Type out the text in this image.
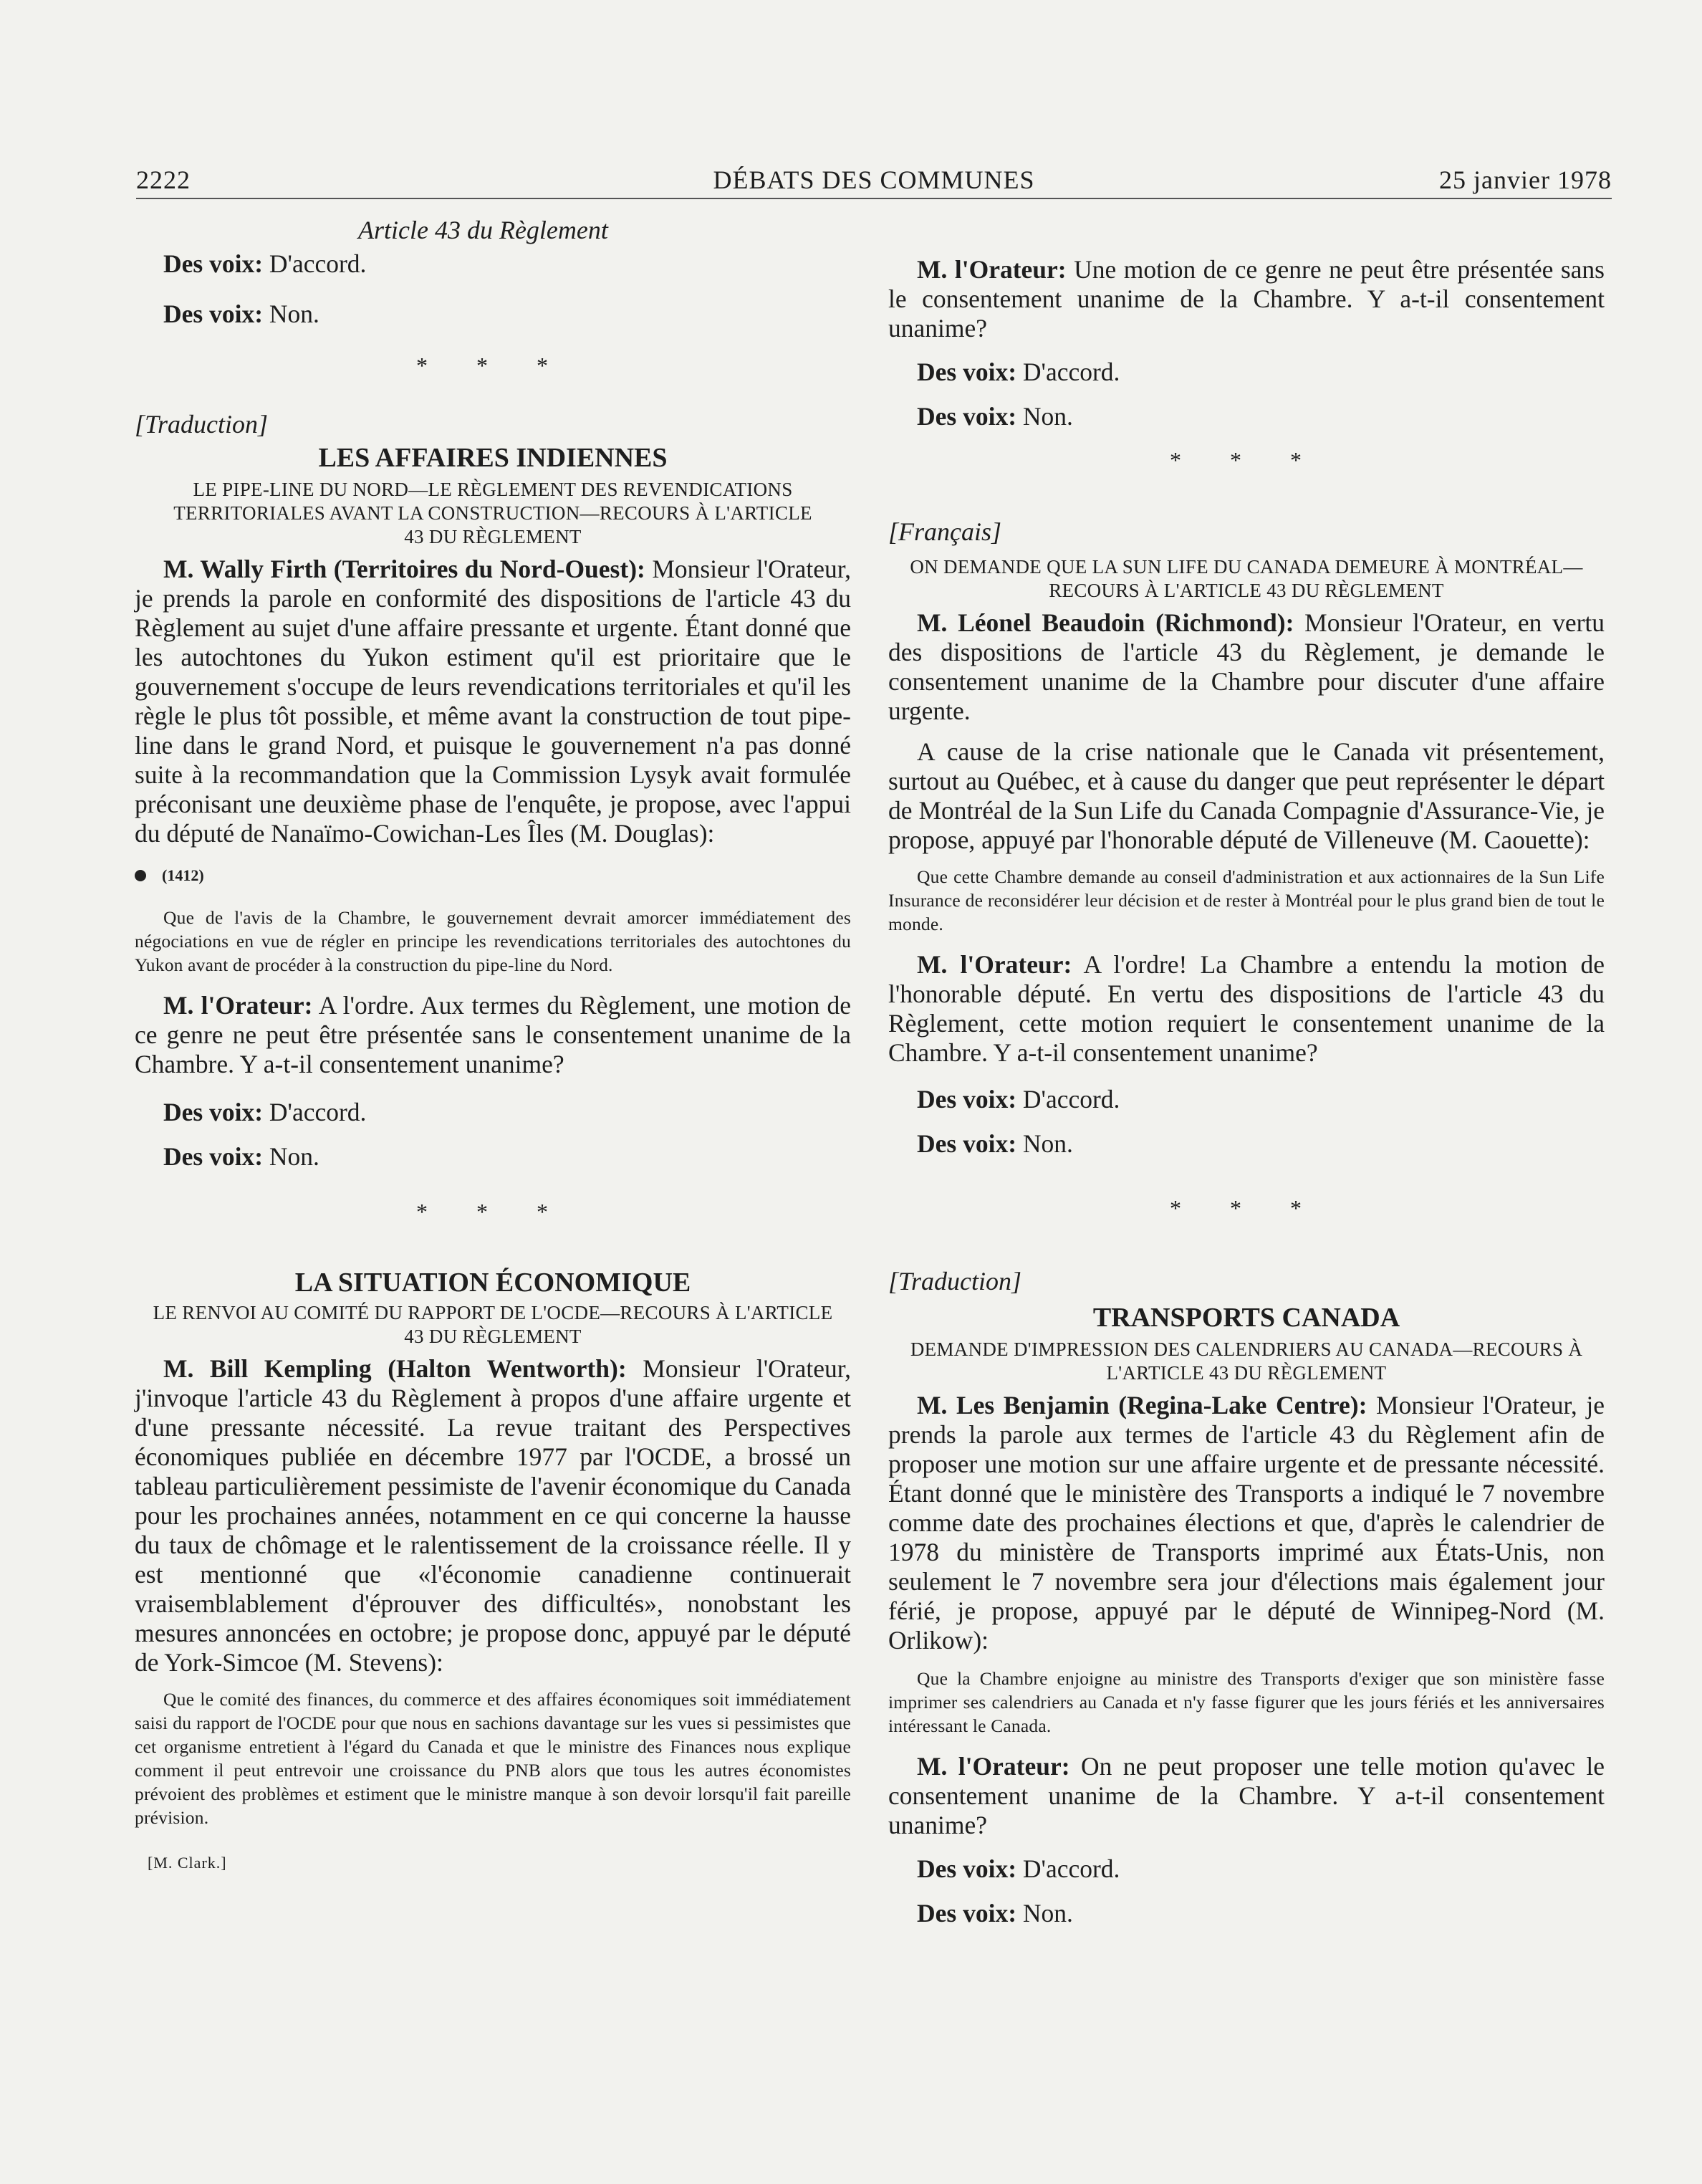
2222	DÉBATS DES COMMUNES	25 janvier 1978

Article 43 du Règlement

Des voix: D'accord.

Des voix: Non.

* * *

[Traduction]

LES AFFAIRES INDIENNES

LE PIPE-LINE DU NORD—LE RÈGLEMENT DES REVENDICATIONS TERRITORIALES AVANT LA CONSTRUCTION—RECOURS À L'ARTICLE 43 DU RÈGLEMENT

M. Wally Firth (Territoires du Nord-Ouest): Monsieur l'Orateur, je prends la parole en conformité des dispositions de l'article 43 du Règlement au sujet d'une affaire pressante et urgente. Étant donné que les autochtones du Yukon estiment qu'il est prioritaire que le gouvernement s'occupe de leurs revendications territoriales et qu'il les règle le plus tôt possible, et même avant la construction de tout pipe-line dans le grand Nord, et puisque le gouvernement n'a pas donné suite à la recommandation que la Commission Lysyk avait formulée préconisant une deuxième phase de l'enquête, je propose, avec l'appui du député de Nanaïmo-Cowichan-Les Îles (M. Douglas):

(1412)

Que de l'avis de la Chambre, le gouvernement devrait amorcer immédiatement des négociations en vue de régler en principe les revendications territoriales des autochtones du Yukon avant de procéder à la construction du pipe-line du Nord.

M. l'Orateur: A l'ordre. Aux termes du Règlement, une motion de ce genre ne peut être présentée sans le consentement unanime de la Chambre. Y a-t-il consentement unanime?

Des voix: D'accord.

Des voix: Non.

* * *

LA SITUATION ÉCONOMIQUE

LE RENVOI AU COMITÉ DU RAPPORT DE L'OCDE—RECOURS À L'ARTICLE 43 DU RÈGLEMENT

M. Bill Kempling (Halton Wentworth): Monsieur l'Orateur, j'invoque l'article 43 du Règlement à propos d'une affaire urgente et d'une pressante nécessité. La revue traitant des Perspectives économiques publiée en décembre 1977 par l'OCDE, a brossé un tableau particulièrement pessimiste de l'avenir économique du Canada pour les prochaines années, notamment en ce qui concerne la hausse du taux de chômage et le ralentissement de la croissance réelle. Il y est mentionné que «l'économie canadienne continuerait vraisemblablement d'éprouver des difficultés», nonobstant les mesures annoncées en octobre; je propose donc, appuyé par le député de York-Simcoe (M. Stevens):

Que le comité des finances, du commerce et des affaires économiques soit immédiatement saisi du rapport de l'OCDE pour que nous en sachions davantage sur les vues si pessimistes que cet organisme entretient à l'égard du Canada et que le ministre des Finances nous explique comment il peut entrevoir une croissance du PNB alors que tous les autres économistes prévoient des problèmes et estiment que le ministre manque à son devoir lorsqu'il fait pareille prévision.

[M. Clark.]

M. l'Orateur: Une motion de ce genre ne peut être présentée sans le consentement unanime de la Chambre. Y a-t-il consentement unanime?

Des voix: D'accord.

Des voix: Non.

* * *

[Français]

ON DEMANDE QUE LA SUN LIFE DU CANADA DEMEURE À MONTRÉAL—RECOURS À L'ARTICLE 43 DU RÈGLEMENT

M. Léonel Beaudoin (Richmond): Monsieur l'Orateur, en vertu des dispositions de l'article 43 du Règlement, je demande le consentement unanime de la Chambre pour discuter d'une affaire urgente.

A cause de la crise nationale que le Canada vit présentement, surtout au Québec, et à cause du danger que peut représenter le départ de Montréal de la Sun Life du Canada Compagnie d'Assurance-Vie, je propose, appuyé par l'honorable député de Villeneuve (M. Caouette):

Que cette Chambre demande au conseil d'administration et aux actionnaires de la Sun Life Insurance de reconsidérer leur décision et de rester à Montréal pour le plus grand bien de tout le monde.

M. l'Orateur: A l'ordre! La Chambre a entendu la motion de l'honorable député. En vertu des dispositions de l'article 43 du Règlement, cette motion requiert le consentement unanime de la Chambre. Y a-t-il consentement unanime?

Des voix: D'accord.

Des voix: Non.

* * *

[Traduction]

TRANSPORTS CANADA

DEMANDE D'IMPRESSION DES CALENDRIERS AU CANADA—RECOURS À L'ARTICLE 43 DU RÈGLEMENT

M. Les Benjamin (Regina-Lake Centre): Monsieur l'Orateur, je prends la parole aux termes de l'article 43 du Règlement afin de proposer une motion sur une affaire urgente et de pressante nécessité. Étant donné que le ministère des Transports a indiqué le 7 novembre comme date des prochaines élections et que, d'après le calendrier de 1978 du ministère de Transports imprimé aux États-Unis, non seulement le 7 novembre sera jour d'élections mais également jour férié, je propose, appuyé par le député de Winnipeg-Nord (M. Orlikow):

Que la Chambre enjoigne au ministre des Transports d'exiger que son ministère fasse imprimer ses calendriers au Canada et n'y fasse figurer que les jours fériés et les anniversaires intéressant le Canada.

M. l'Orateur: On ne peut proposer une telle motion qu'avec le consentement unanime de la Chambre. Y a-t-il consentement unanime?

Des voix: D'accord.

Des voix: Non.
